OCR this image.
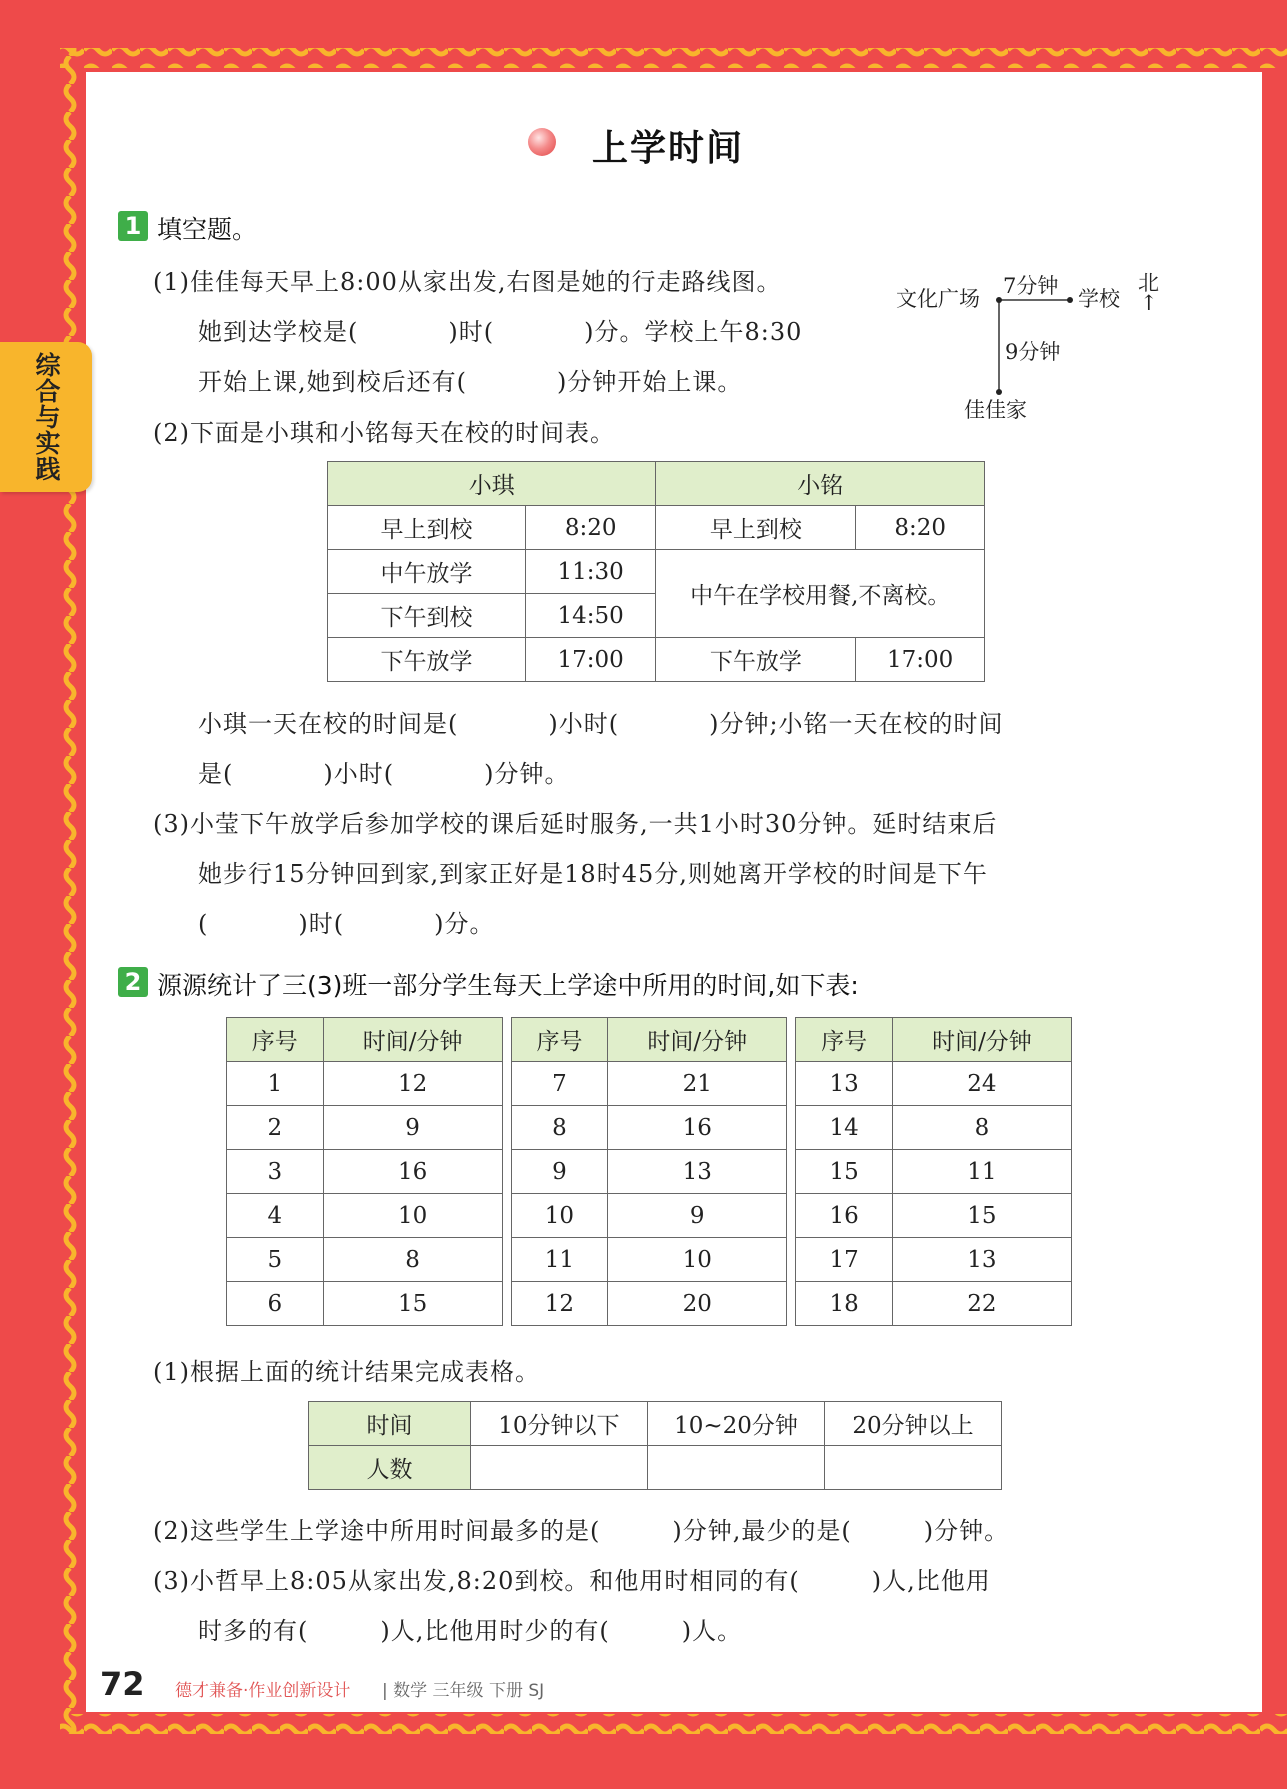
综合与实践
上学时间
1 填空题。
(1)佳佳每天早上8:00从家出发,右图是她的行走路线图。
她到达学校是(	)时(	)分。学校上午8:30
开始上课,她到校后还有(	)分钟开始上课。
文化广场
7分钟
学校
9分钟
佳佳家
北
↑
(2)下面是小琪和小铭每天在校的时间表。
小琪		小铭	
早上到校	8:20	早上到校	8:20
中午放学	11:30	中午在学校用餐,不离校。	
下午到校	14:50		
下午放学	17:00	下午放学	17:00
小琪一天在校的时间是(	)小时(	)分钟;小铭一天在校的时间
是(	)小时(	)分钟。
(3)小莹下午放学后参加学校的课后延时服务,一共1小时30分钟。延时结束后
她步行15分钟回到家,到家正好是18时45分,则她离开学校的时间是下午
(	)时(	)分。
2 源源统计了三(3)班一部分学生每天上学途中所用的时间,如下表:
序号	时间/分钟		序号	时间/分钟		序号	时间/分钟
1	12		7	21		13	24
2	9		8	16		14	8
3	16		9	13		15	11
4	10		10	9		16	15
5	8		11	10		17	13
6	15		12	20		18	22
(1)根据上面的统计结果完成表格。
时间	10分钟以下	10~20分钟	20分钟以上
人数			
(2)这些学生上学途中所用时间最多的是(	)分钟,最少的是(	)分钟。
(3)小哲早上8:05从家出发,8:20到校。和他用时相同的有(	)人,比他用
时多的有(	)人,比他用时少的有(	)人。
72 德才兼备·作业创新设计 | 数学 三年级 下册 SJ
